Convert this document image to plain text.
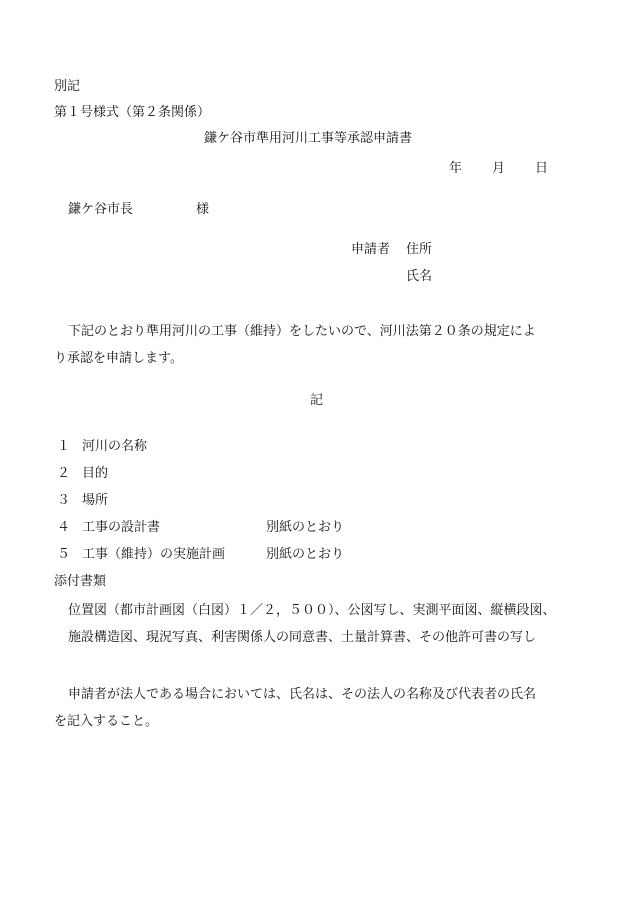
別記
第１号様式（第２条関係）
鎌ケ谷市準用河川工事等承認申請書
年 月 日
鎌ケ谷市長	様
申請者 住所
氏名
下記のとおり準用河川の工事（維持）をしたいので、河川法第２０条の規定によ
り承認を申請します。
記
１ 河川の名称
２ 目的
３ 場所
４ 工事の設計書	別紙のとおり
５ 工事（維持）の実施計画	別紙のとおり
添付書類
位置図（都市計画図（白図）１／２，５００）、公図写し、実測平面図、縦横段図、
施設構造図、現況写真、利害関係人の同意書、土量計算書、その他許可書の写し
申請者が法人である場合においては、氏名は、その法人の名称及び代表者の氏名
を記入すること。
